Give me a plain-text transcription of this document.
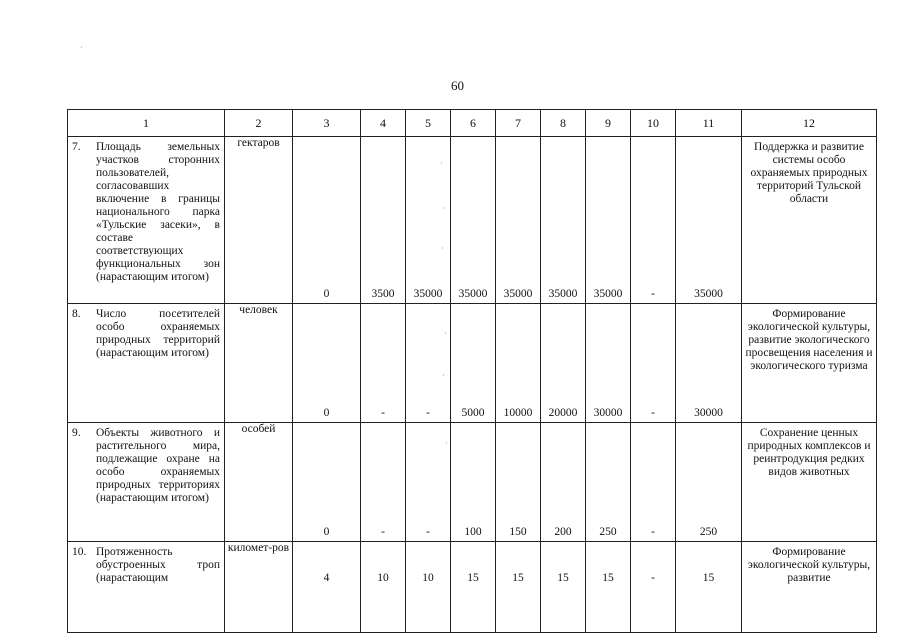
60
1	2	3	4	5	6	7	8	9	10	11	12

7. Площадь земельных участков сторонних пользователей, согласовавших включение в границы национального парка «Тульские засеки», в составе соответствующих функциональных зон (нарастающим итогом)	гектаров	0	3500	35000	35000	35000	35000	35000	-	35000	Поддержка и развитие системы особо охраняемых природных территорий Тульской области

8. Число посетителей особо охраняемых природных территорий (нарастающим итогом)	человек	0	-	-	5000	10000	20000	30000	-	30000	Формирование экологической культуры, развитие экологического просвещения населения и экологического туризма

9. Объекты животного и растительного мира, подлежащие охране на особо охраняемых природных территориях (нарастающим итогом)	особей	0	-	-	100	150	200	250	-	250	Сохранение ценных природных комплексов и реинтродукция редких видов животных

10. Протяженность обустроенных троп (нарастающим	километ-ров	4	10	10	15	15	15	15	-	15	Формирование экологической культуры, развитие
·
·
·
·
·
·
·
